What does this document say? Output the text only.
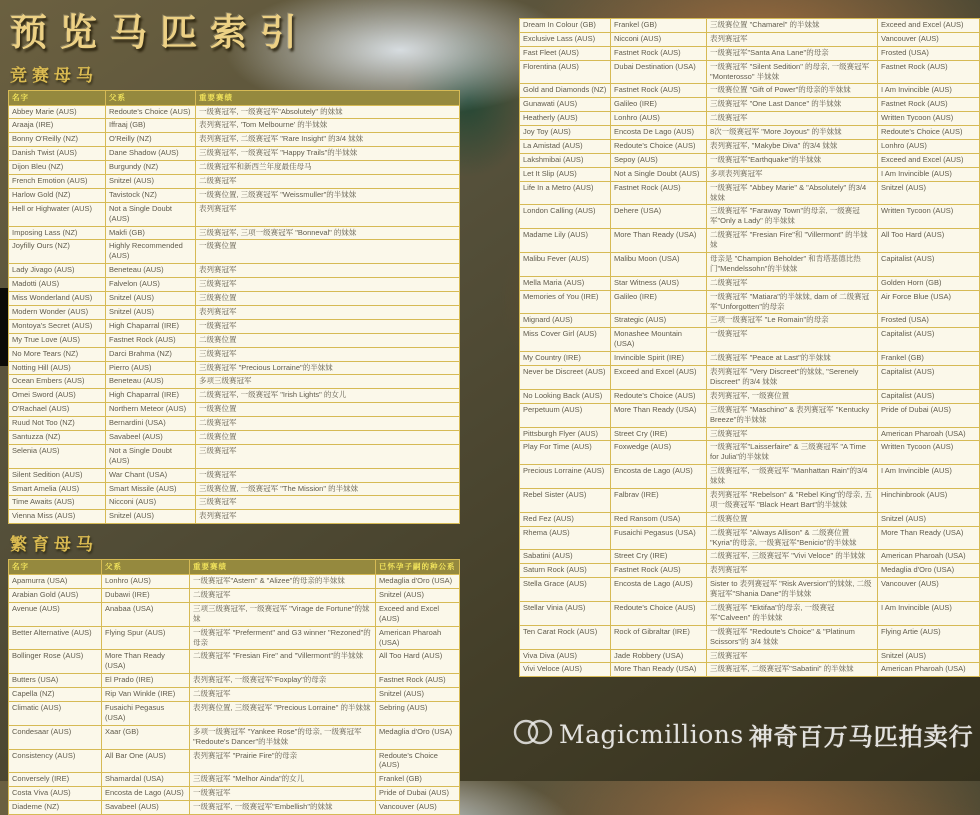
预览马匹索引
竞赛母马
名字	父系	重要赛绩
Abbey Marie (AUS)	Redoute's Choice (AUS)	一级赛冠军, 一级赛冠军"Absolutely" 的妹妹
Araaja (IRE)	Iffraaj (GB)	表列赛冠军, 'Tom Melbourne' 的半妹妹
Bonny O'Reilly (NZ)	O'Reilly (NZ)	表列赛冠军, 二级赛冠军 "Rare Insight" 的3/4 妹妹
Danish Twist (AUS)	Dane Shadow (AUS)	三级赛冠军, 一级赛冠军 "Happy Trails"的半妹妹
Dijon Bleu (NZ)	Burgundy (NZ)	二级赛冠军和新西兰年度最佳母马
French Emotion (AUS)	Snitzel (AUS)	二级赛冠军
Harlow Gold (NZ)	Tavistock (NZ)	一级赛位置, 三级赛冠军 "Weissmuller"的半妹妹
Hell or Highwater (AUS)	Not a Single Doubt (AUS)	表列赛冠军
Imposing Lass (NZ)	Makfi (GB)	三级赛冠军, 三项一级赛冠军 "Bonneval" 的妹妹
Joyfilly Ours (NZ)	Highly Recommended (AUS)	一级赛位置
Lady Jivago (AUS)	Beneteau (AUS)	表列赛冠军
Madotti (AUS)	Falvelon (AUS)	三级赛冠军
Miss Wonderland (AUS)	Snitzel (AUS)	三级赛位置
Modern Wonder (AUS)	Snitzel (AUS)	表列赛冠军
Montoya's Secret (AUS)	High Chaparral (IRE)	一级赛冠军
My True Love (AUS)	Fastnet Rock (AUS)	二级赛位置
No More Tears (NZ)	Darci Brahma (NZ)	三级赛冠军
Notting Hill (AUS)	Pierro (AUS)	三级赛冠军 "Precious Lorraine"的半妹妹
Ocean Embers (AUS)	Beneteau (AUS)	多项三级赛冠军
Omei Sword (AUS)	High Chaparral (IRE)	二级赛冠军, 一级赛冠军 "Irish Lights" 的女儿
O'Rachael (AUS)	Northern Meteor (AUS)	一级赛位置
Ruud Not Too (NZ)	Bernardini (USA)	二级赛冠军
Santuzza (NZ)	Savabeel (AUS)	二级赛位置
Selenia (AUS)	Not a Single Doubt (AUS)	三级赛冠军
Silent Sedition (AUS)	War Chant (USA)	一级赛冠军
Smart Amelia (AUS)	Smart Missile (AUS)	三级赛位置, 一级赛冠军 "The Mission" 的半妹妹
Time Awaits (AUS)	Nicconi (AUS)	三级赛冠军
Vienna Miss (AUS)	Snitzel (AUS)	表列赛冠军
繁育母马
名字	父系	重要赛绩	已怀孕子嗣的种公系
Apamurra (USA)	Lonhro (AUS)	一级赛冠军"Astern" & "Alizee"的母亲的半妹妹	Medaglia d'Oro (USA)
Arabian Gold (AUS)	Dubawi (IRE)	二级赛冠军	Snitzel (AUS)
Avenue (AUS)	Anabaa (USA)	三项三级赛冠军, 一级赛冠军 "Virage de Fortune"的妹妹	Exceed and Excel (AUS)
Better Alternative (AUS)	Flying Spur (AUS)	一级赛冠军 "Preferment" and G3 winner "Rezoned"的母亲	American Pharoah (USA)
Bollinger Rose (AUS)	More Than Ready (USA)	二级赛冠军 "Fresian Fire" and "Villermont"的半妹妹	All Too Hard (AUS)
Butters (USA)	El Prado (IRE)	表列赛冠军, 一级赛冠军"Foxplay"的母亲	Fastnet Rock (AUS)
Capella (NZ)	Rip Van Winkle (IRE)	二级赛冠军	Snitzel (AUS)
Climatic (AUS)	Fusaichi Pegasus (USA)	表列赛位置, 三级赛冠军 "Precious Lorraine" 的半妹妹	Sebring (AUS)
Condesaar (AUS)	Xaar (GB)	多项一级赛冠军 "Yankee Rose"的母亲, 一级赛冠军 "Redoute's Dancer"的半妹妹	Medaglia d'Oro (USA)
Consistency (AUS)	All Bar One (AUS)	表列赛冠军 "Prairie Fire"的母亲	Redoute's Choice (AUS)
Conversely (IRE)	Shamardal (USA)	三级赛冠军 "Melhor Ainda"的女儿	Frankel (GB)
Costa Viva (AUS)	Encosta de Lago (AUS)	一级赛冠军	Pride of Dubai (AUS)
Diademe (NZ)	Savabeel (AUS)	一级赛冠军, 一级赛冠军"Embellish"的妹妹	Vancouver (AUS)
Dream In Colour (GB)	Frankel (GB)	三级赛位置 "Chamarel" 的半妹妹	Exceed and Excel (AUS)
Exclusive Lass (AUS)	Nicconi (AUS)	表列赛冠军	Vancouver (AUS)
Fast Fleet (AUS)	Fastnet Rock (AUS)	一级赛冠军"Santa Ana Lane"的母亲	Frosted (USA)
Florentina (AUS)	Dubai Destination (USA)	一级赛冠军 "Silent Sedition" 的母亲, 一级赛冠军 "Monterosso" 半妹妹	Fastnet Rock (AUS)
Gold and Diamonds (NZ)	Fastnet Rock (AUS)	一级赛位置 "Gift of Power"的母亲的半妹妹	I Am Invincible (AUS)
Gunawati (AUS)	Galileo (IRE)	三级赛冠军 "One Last Dance" 的半妹妹	Fastnet Rock (AUS)
Heatherly (AUS)	Lonhro (AUS)	二级赛冠军	Written Tycoon (AUS)
Joy Toy (AUS)	Encosta De Lago (AUS)	8次一级赛冠军 "More Joyous" 的半妹妹	Redoute's Choice (AUS)
La Amistad (AUS)	Redoute's Choice (AUS)	表列赛冠军, "Makybe Diva" 的3/4 妹妹	Lonhro (AUS)
Lakshmibai (AUS)	Sepoy (AUS)	一级赛冠军"Earthquake"的半妹妹	Exceed and Excel (AUS)
Let It Slip (AUS)	Not a Single Doubt (AUS)	多项表列赛冠军	I Am Invincible (AUS)
Life In a Metro (AUS)	Fastnet Rock (AUS)	一级赛冠军 "Abbey Marie" & "Absolutely" 的3/4 妹妹	Snitzel (AUS)
London Calling (AUS)	Dehere (USA)	三级赛冠军 "Faraway Town"的母亲, 一级赛冠军"Only a Lady" 的半妹妹	Written Tycoon (AUS)
Madame Lily (AUS)	More Than Ready (USA)	二级赛冠军 "Fresian Fire"和 "Villermont" 的半妹妹	All Too Hard (AUS)
Malibu Fever (AUS)	Malibu Moon (USA)	母亲是 "Champion Beholder" 和肯塔基德比热门"Mendelssohn"的半妹妹	Capitalist (AUS)
Mella Maria (AUS)	Star Witness (AUS)	二级赛冠军	Golden Horn (GB)
Memories of You (IRE)	Galileo (IRE)	一级赛冠军 "Matiara"的半妹妹, dam of 二级赛冠军"Unforgotten"的母亲	Air Force Blue (USA)
Mignard (AUS)	Strategic (AUS)	三项一级赛冠军 "Le Romain"的母亲	Frosted (USA)
Miss Cover Girl (AUS)	Monashee Mountain (USA)	一级赛冠军	Capitalist (AUS)
My Country (IRE)	Invincible Spirit (IRE)	二级赛冠军 "Peace at Last"的半妹妹	Frankel (GB)
Never be Discreet (AUS)	Exceed and Excel (AUS)	表列赛冠军 "Very Discreet"的妹妹, "Serenely Discreet" 的3/4 妹妹	Capitalist (AUS)
No Looking Back (AUS)	Redoute's Choice (AUS)	表列赛冠军, 一级赛位置	Capitalist (AUS)
Perpetuum (AUS)	More Than Ready (USA)	三级赛冠军 "Maschino" & 表列赛冠军 "Kentucky Breeze"的半妹妹	Pride of Dubai (AUS)
Pittsburgh Flyer (AUS)	Street Cry (IRE)	三级赛冠军	American Pharoah (USA)
Play For Time (AUS)	Foxwedge (AUS)	一级赛冠军"Laisserfaire" & 三级赛冠军 "A Time for Julia"的半妹妹	Written Tycoon (AUS)
Precious Lorraine (AUS)	Encosta de Lago (AUS)	三级赛冠军, 一级赛冠军 "Manhattan Rain"的3/4 妹妹	I Am Invincible (AUS)
Rebel Sister (AUS)	Falbrav (IRE)	表列赛冠军 "Rebelson" & "Rebel King"的母亲, 五项一级赛冠军 "Black Heart Bart"的半妹妹	Hinchinbrook (AUS)
Red Fez (AUS)	Red Ransom (USA)	二级赛位置	Snitzel (AUS)
Rhema (AUS)	Fusaichi Pegasus (USA)	二级赛冠军 "Always Allison" & 二级赛位置 "Kyria"的母亲, 一级赛冠军"Benicio"的半妹妹	More Than Ready (USA)
Sabatini (AUS)	Street Cry (IRE)	二级赛冠军, 三级赛冠军 "Vivi Veloce" 的半妹妹	American Pharoah (USA)
Saturn Rock (AUS)	Fastnet Rock (AUS)	表列赛冠军	Medaglia d'Oro (USA)
Stella Grace (AUS)	Encosta de Lago (AUS)	Sister to 表列赛冠军 "Risk Aversion"的妹妹, 二级赛冠军"Shania Dane"的半妹妹	Vancouver (AUS)
Stellar Vinia (AUS)	Redoute's Choice (AUS)	二级赛冠军 "Ektifaa"的母亲, 一级赛冠军"Calveen" 的半妹妹	I Am Invincible (AUS)
Ten Carat Rock (AUS)	Rock of Gibraltar (IRE)	一级赛冠军 "Redoute's Choice" & "Platinum Scissors"的 3/4 妹妹	Flying Artie (AUS)
Viva Diva (AUS)	Jade Robbery (USA)	三级赛冠军	Snitzel (AUS)
Vivi Veloce (AUS)	More Than Ready (USA)	三级赛冠军, 二级赛冠军"Sabatini" 的半妹妹	American Pharoah (USA)
Magicmillions 神奇百万马匹拍卖行
